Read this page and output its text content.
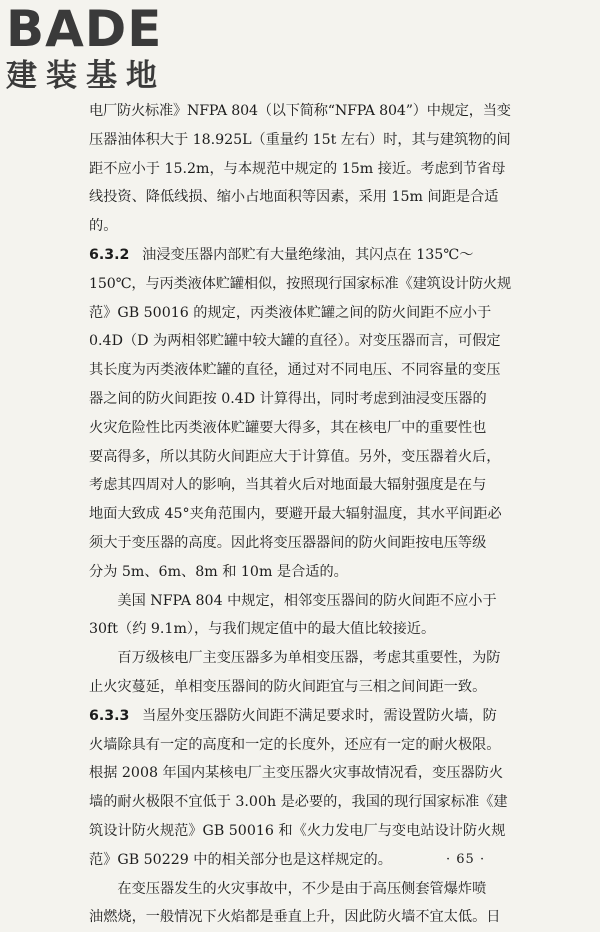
BADE
建装基地
电厂防火标准》NFPA 804（以下简称“NFPA 804”）中规定，当变
压器油体积大于 18.925L（重量约 15t 左右）时，其与建筑物的间
距不应小于 15.2m，与本规范中规定的 15m 接近。考虑到节省母
线投资、降低线损、缩小占地面积等因素，采用 15m 间距是合适
的。
6.3.2 油浸变压器内部贮有大量绝缘油，其闪点在 135℃～
150℃，与丙类液体贮罐相似，按照现行国家标准《建筑设计防火规
范》GB 50016 的规定，丙类液体贮罐之间的防火间距不应小于
0.4D（D 为两相邻贮罐中较大罐的直径）。对变压器而言，可假定
其长度为丙类液体贮罐的直径，通过对不同电压、不同容量的变压
器之间的防火间距按 0.4D 计算得出，同时考虑到油浸变压器的
火灾危险性比丙类液体贮罐要大得多，其在核电厂中的重要性也
要高得多，所以其防火间距应大于计算值。另外，变压器着火后，
考虑其四周对人的影响，当其着火后对地面最大辐射强度是在与
地面大致成 45°夹角范围内，要避开最大辐射温度，其水平间距必
须大于变压器的高度。因此将变压器器间的防火间距按电压等级
分为 5m、6m、8m 和 10m 是合适的。
美国 NFPA 804 中规定，相邻变压器间的防火间距不应小于
30ft（约 9.1m），与我们规定值中的最大值比较接近。
百万级核电厂主变压器多为单相变压器，考虑其重要性，为防
止火灾蔓延，单相变压器间的防火间距宜与三相之间间距一致。
6.3.3 当屋外变压器防火间距不满足要求时，需设置防火墙，防
火墙除具有一定的高度和一定的长度外，还应有一定的耐火极限。
根据 2008 年国内某核电厂主变压器火灾事故情况看，变压器防火
墙的耐火极限不宜低于 3.00h 是必要的，我国的现行国家标准《建
筑设计防火规范》GB 50016 和《火力发电厂与变电站设计防火规
范》GB 50229 中的相关部分也是这样规定的。
在变压器发生的火灾事故中，不少是由于高压侧套管爆炸喷
油燃烧，一般情况下火焰都是垂直上升，因此防火墙不宜太低。日
· 65 ·
